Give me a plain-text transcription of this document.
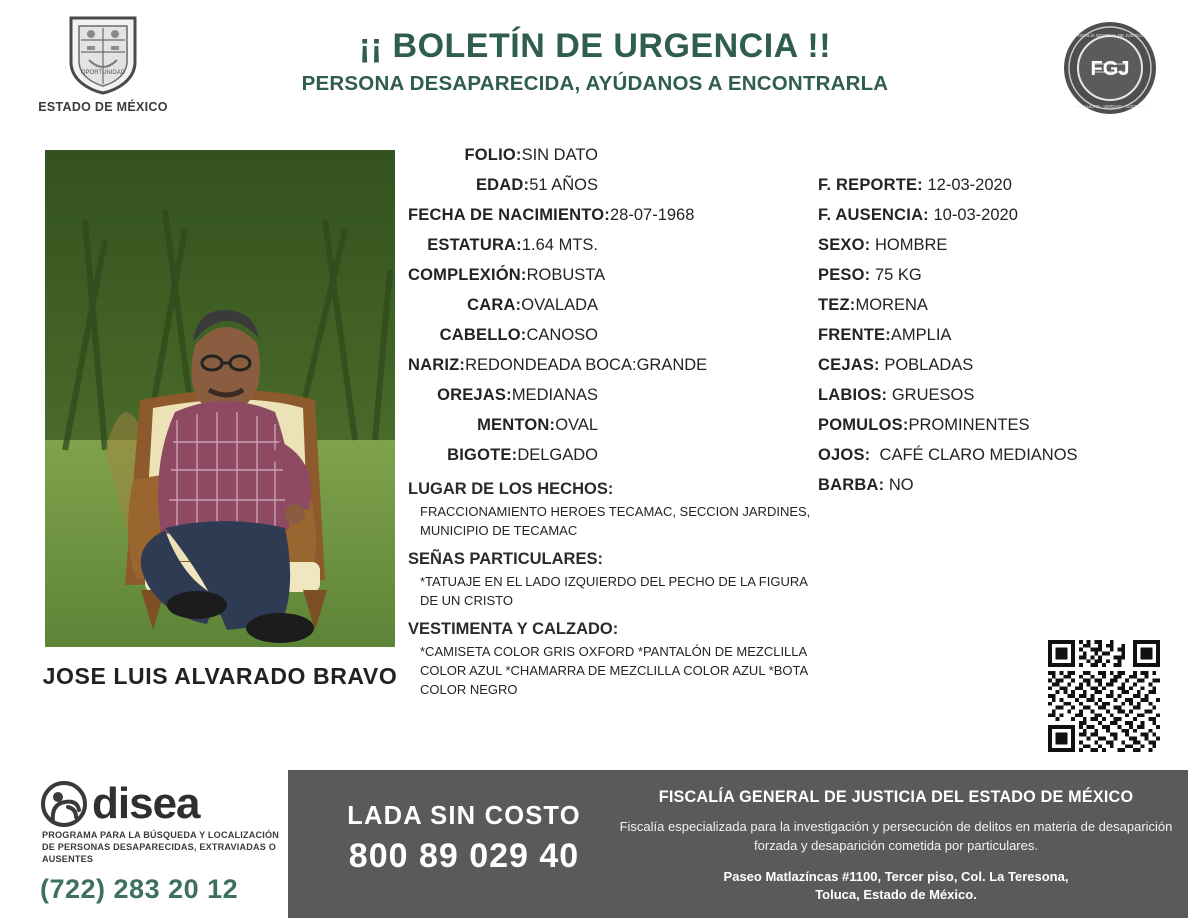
OPORTUNIDAD
ESTADO DE MÉXICO
¡¡ BOLETÍN DE URGENCIA !!
PERSONA DESAPARECIDA, AYÚDANOS A ENCONTRARLA
FGJ
FISCALÍA GENERAL DE JUSTICIA
LEGALIDAD · VERDAD · JUSTICIA
JOSE LUIS ALVARADO BRAVO
FOLIO:SIN DATO
EDAD:51 AÑOS
FECHA DE NACIMIENTO:28-07-1968
ESTATURA:1.64 MTS.
COMPLEXIÓN:ROBUSTA
CARA:OVALADA
CABELLO:CANOSO
NARIZ:REDONDEADA BOCA:GRANDE
OREJAS:MEDIANAS
MENTON:OVAL
BIGOTE:DELGADO
LUGAR DE LOS HECHOS:
FRACCIONAMIENTO HEROES TECAMAC, SECCION JARDINES, MUNICIPIO DE TECAMAC
SEÑAS PARTICULARES:
*TATUAJE EN EL LADO IZQUIERDO DEL PECHO DE LA FIGURA DE UN CRISTO
VESTIMENTA Y CALZADO:
*CAMISETA COLOR GRIS OXFORD *PANTALÓN DE MEZCLILLA COLOR AZUL *CHAMARRA DE MEZCLILLA COLOR AZUL *BOTA COLOR NEGRO
F. REPORTE: 12-03-2020
F. AUSENCIA: 10-03-2020
SEXO: HOMBRE
PESO: 75 KG
TEZ:MORENA
FRENTE:AMPLIA
CEJAS: POBLADAS
LABIOS: GRUESOS
POMULOS:PROMINENTES
OJOS: CAFÉ CLARO MEDIANOS
BARBA: NO
disea
PROGRAMA PARA LA BÚSQUEDA Y LOCALIZACIÓN
DE PERSONAS DESAPARECIDAS, EXTRAVIADAS O
AUSENTES
(722) 283 20 12
LADA SIN COSTO
800 89 029 40
FISCALÍA GENERAL DE JUSTICIA DEL ESTADO DE MÉXICO
Fiscalía especializada para la investigación y persecución de delitos en materia de desaparición forzada y desaparición cometida por particulares.
Paseo Matlazíncas #1100, Tercer piso, Col. La Teresona,
Toluca, Estado de México.
